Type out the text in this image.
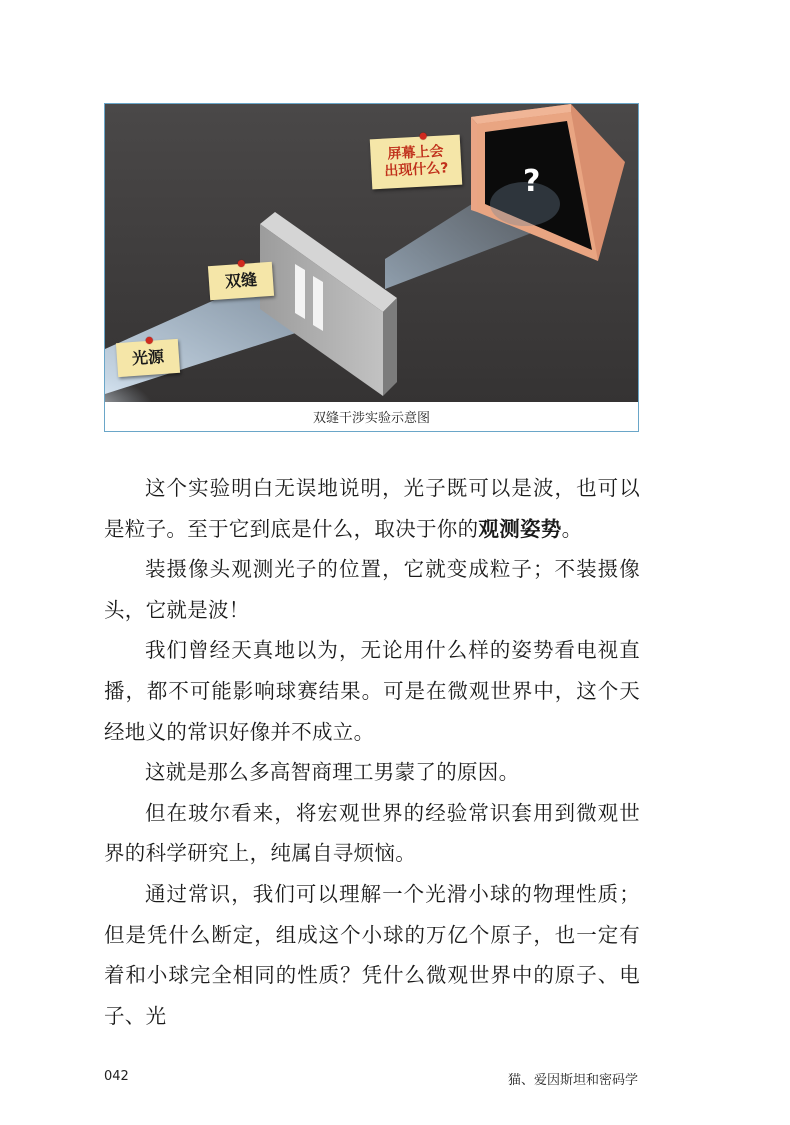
光源
双缝
屏幕上会
出现什么? ?
双缝干涉实验示意图

这个实验明白无误地说明，光子既可以是波，也可以是粒子。至于它到底是什么，取决于你的观测姿势。

装摄像头观测光子的位置，它就变成粒子；不装摄像头，它就是波！

我们曾经天真地以为，无论用什么样的姿势看电视直播，都不可能影响球赛结果。可是在微观世界中，这个天经地义的常识好像并不成立。

这就是那么多高智商理工男蒙了的原因。

但在玻尔看来，将宏观世界的经验常识套用到微观世界的科学研究上，纯属自寻烦恼。

通过常识，我们可以理解一个光滑小球的物理性质；但是凭什么断定，组成这个小球的万亿个原子，也一定有着和小球完全相同的性质？凭什么微观世界中的原子、电子、光

042	猫、爱因斯坦和密码学
